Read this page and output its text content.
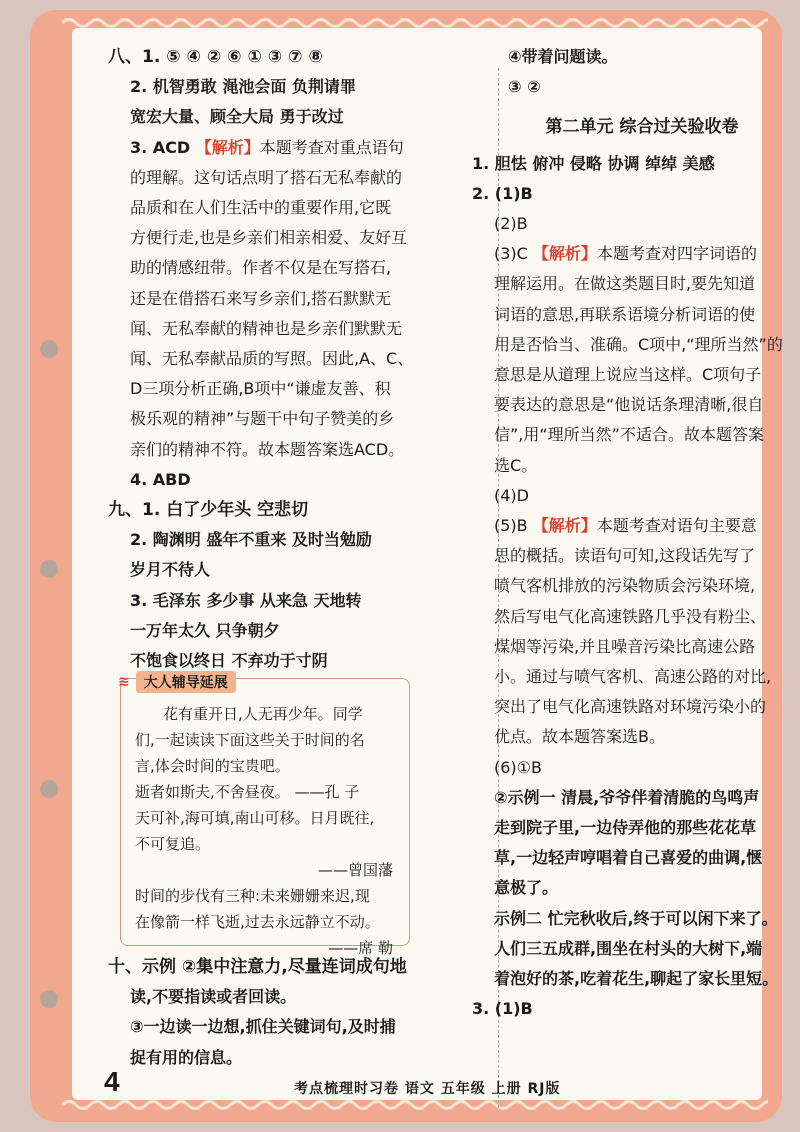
八、1. ⑤ ④ ② ⑥ ① ③ ⑦ ⑧
2. 机智勇敢 渑池会面 负荆请罪
宽宏大量、顾全大局 勇于改过
3. ACD 【解析】本题考查对重点语句
的理解。这句话点明了搭石无私奉献的
品质和在人们生活中的重要作用,它既
方便行走,也是乡亲们相亲相爱、友好互
助的情感纽带。作者不仅是在写搭石,
还是在借搭石来写乡亲们,搭石默默无
闻、无私奉献的精神也是乡亲们默默无
闻、无私奉献品质的写照。因此,A、C、
D三项分析正确,B项中“谦虚友善、积
极乐观的精神”与题干中句子赞美的乡
亲们的精神不符。故本题答案选ACD。
4. ABD
九、1. 白了少年头 空悲切
2. 陶渊明 盛年不重来 及时当勉励
岁月不待人
3. 毛泽东 多少事 从来急 天地转
一万年太久 只争朝夕
不饱食以终日 不弃功于寸阴
十、示例 ②集中注意力,尽量连词成句地
读,不要指读或者回读。
③一边读一边想,抓住关键词句,及时捕
捉有用的信息。
④带着问题读。
③ ②
第二单元 综合过关验收卷
1. 胆怯 俯冲 侵略 协调 绰绰 美感
2. (1)B
(2)B
(3)C 【解析】本题考查对四字词语的
理解运用。在做这类题目时,要先知道
词语的意思,再联系语境分析词语的使
用是否恰当、准确。C项中,“理所当然”的
意思是从道理上说应当这样。C项句子
要表达的意思是“他说话条理清晰,很自
信”,用“理所当然”不适合。故本题答案
选C。
(4)D
(5)B 【解析】本题考查对语句主要意
思的概括。读语句可知,这段话先写了
喷气客机排放的污染物质会污染环境,
然后写电气化高速铁路几乎没有粉尘、
煤烟等污染,并且噪音污染比高速公路
小。通过与喷气客机、高速公路的对比,
突出了电气化高速铁路对环境污染小的
优点。故本题答案选B。
(6)①B
②示例一 清晨,爷爷伴着清脆的鸟鸣声
走到院子里,一边侍弄他的那些花花草
草,一边轻声哼唱着自己喜爱的曲调,惬
意极了。
示例二 忙完秋收后,终于可以闲下来了。
人们三五成群,围坐在村头的大树下,端
着泡好的茶,吃着花生,聊起了家长里短。
3. (1)B
花有重开日,人无再少年。同学
们,一起读读下面这些关于时间的名
言,体会时间的宝贵吧。
逝者如斯夫,不舍昼夜。 ——孔 子
天可补,海可填,南山可移。日月既往,
不可复追。
——曾国藩
时间的步伐有三种:未来姗姗来迟,现
在像箭一样飞逝,过去永远静立不动。
——席 勒
≋	大人辅导延展
4	考点梳理时习卷 语文 五年级 上册 RJ版
